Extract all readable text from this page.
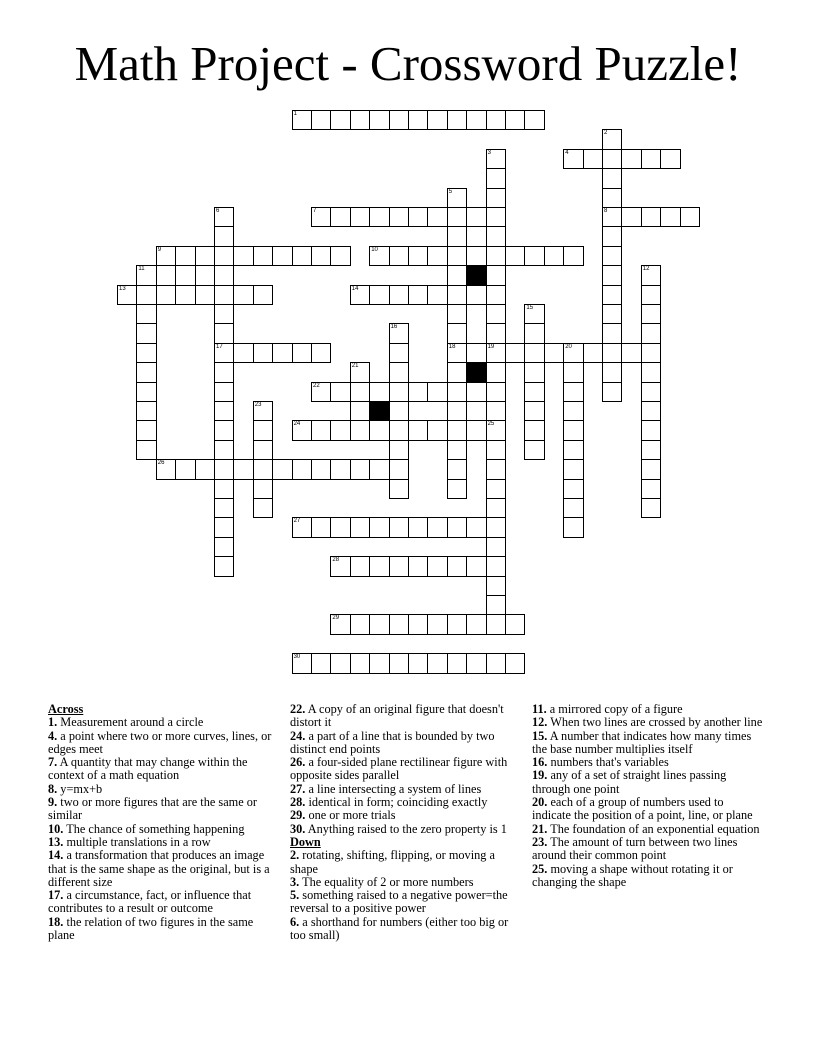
Math Project - Crossword Puzzle!
1
4
7	8
9	10
11
13	14
17	18	19	20
22
24
26
27
28
29
30
2
3
5
6
12
15
16
25
21
23
Across
1. Measurement around a circle
4. a point where two or more curves, lines, or edges meet
7. A quantity that may change within the context of a math equation
8. y=mx+b
9. two or more figures that are the same or similar
10. The chance of something happening
13. multiple translations in a row
14. a transformation that produces an image that is the same shape as the original, but is a different size
17. a circumstance, fact, or influence that contributes to a result or outcome
18. the relation of two figures in the same plane
22. A copy of an original figure that doesn't distort it
24. a part of a line that is bounded by two distinct end points
26. a four-sided plane rectilinear figure with opposite sides parallel
27. a line intersecting a system of lines
28. identical in form; coinciding exactly
29. one or more trials
30. Anything raised to the zero property is 1
Down
2. rotating, shifting, flipping, or moving a shape
3. The equality of 2 or more numbers
5. something raised to a negative power=the reversal to a positive power
6. a shorthand for numbers (either too big or too small)
11. a mirrored copy of a figure
12. When two lines are crossed by another line
15. A number that indicates how many times the base number multiplies itself
16. numbers that's variables
19. any of a set of straight lines passing through one point
20. each of a group of numbers used to indicate the position of a point, line, or plane
21. The foundation of an exponential equation
23. The amount of turn between two lines around their common point
25. moving a shape without rotating it or changing the shape
